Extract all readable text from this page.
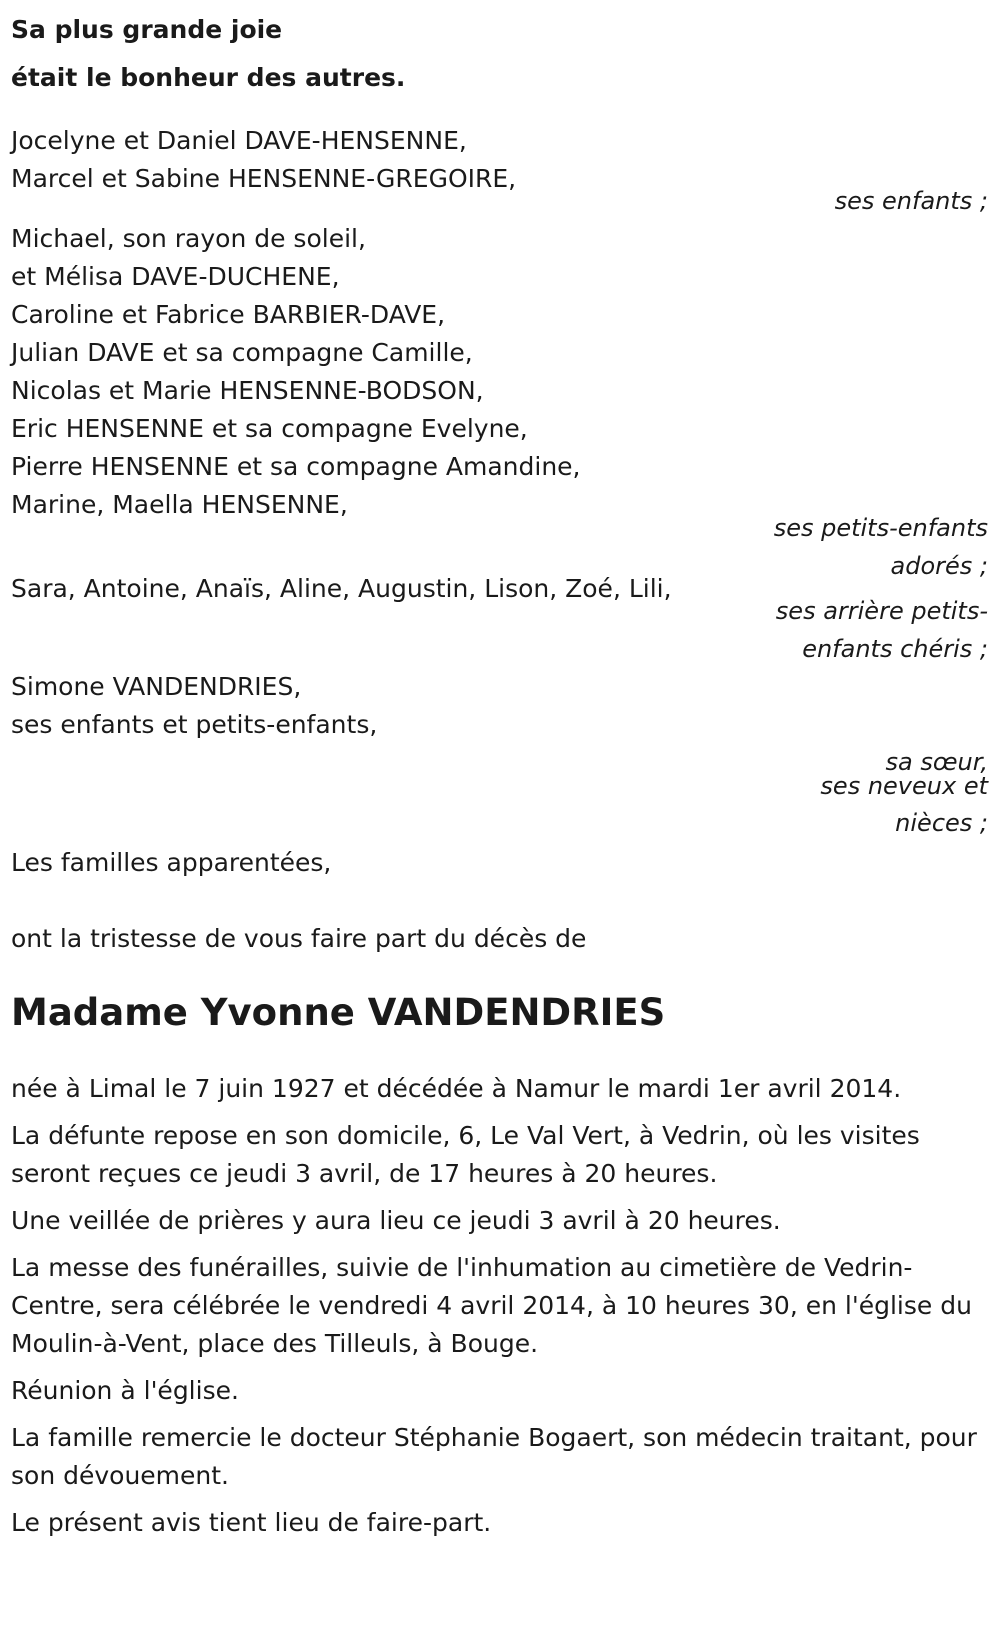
Sa plus grande joie

était le bonheur des autres.

Jocelyne et Daniel DAVE-HENSENNE,
Marcel et Sabine HENSENNE-GREGOIRE,
ses enfants ;
Michael, son rayon de soleil,
et Mélisa DAVE-DUCHENE,
Caroline et Fabrice BARBIER-DAVE,
Julian DAVE et sa compagne Camille,
Nicolas et Marie HENSENNE-BODSON,
Eric HENSENNE et sa compagne Evelyne,
Pierre HENSENNE et sa compagne Amandine,
Marine, Maella HENSENNE,
ses petits-enfants
adorés ;
Sara, Antoine, Anaïs, Aline, Augustin, Lison, Zoé, Lili,
ses arrière petits-
enfants chéris ;
Simone VANDENDRIES,
ses enfants et petits-enfants,
sa sœur,
ses neveux et
nièces ;
Les familles apparentées,
ont la tristesse de vous faire part du décès de
Madame Yvonne VANDENDRIES

née à Limal le 7 juin 1927 et décédée à Namur le mardi 1er avril 2014.

La défunte repose en son domicile, 6, Le Val Vert, à Vedrin, où les visites seront reçues ce jeudi 3 avril, de 17 heures à 20 heures.

Une veillée de prières y aura lieu ce jeudi 3 avril à 20 heures.

La messe des funérailles, suivie de l'inhumation au cimetière de Vedrin-Centre, sera célébrée le vendredi 4 avril 2014, à 10 heures 30, en l'église du Moulin-à-Vent, place des Tilleuls, à Bouge.

Réunion à l'église.

La famille remercie le docteur Stéphanie Bogaert, son médecin traitant, pour son dévouement.

Le présent avis tient lieu de faire-part.
